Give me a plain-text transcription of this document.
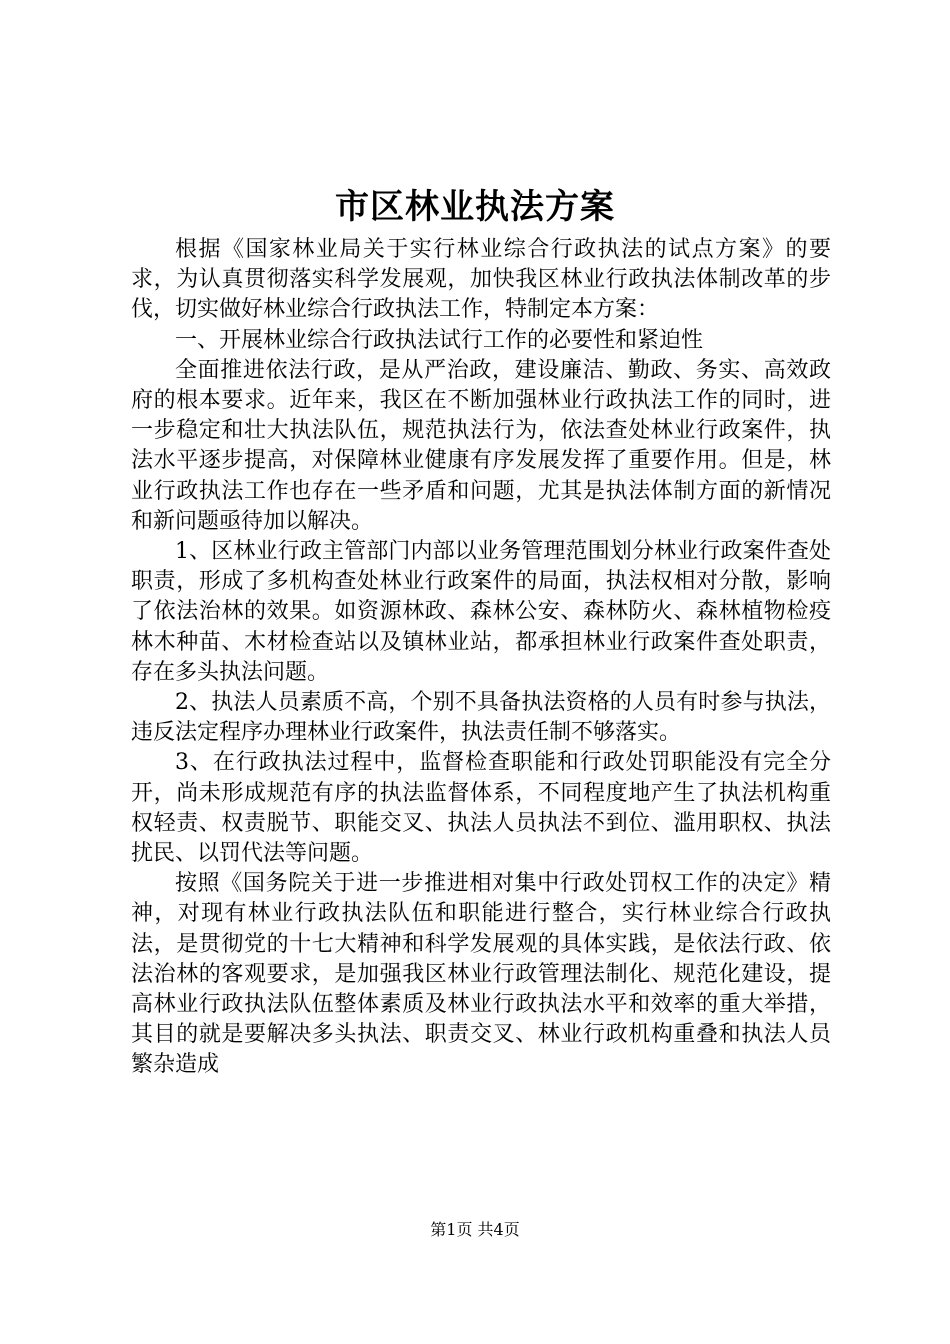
市区林业执法方案

根据《国家林业局关于实行林业综合行政执法的试点方案》的要求，为认真贯彻落实科学发展观，加快我区林业行政执法体制改革的步伐，切实做好林业综合行政执法工作，特制定本方案：

一、开展林业综合行政执法试行工作的必要性和紧迫性

全面推进依法行政，是从严治政，建设廉洁、勤政、务实、高效政府的根本要求。近年来，我区在不断加强林业行政执法工作的同时，进一步稳定和壮大执法队伍，规范执法行为，依法查处林业行政案件，执法水平逐步提高，对保障林业健康有序发展发挥了重要作用。但是，林业行政执法工作也存在一些矛盾和问题，尤其是执法体制方面的新情况和新问题亟待加以解决。

1、区林业行政主管部门内部以业务管理范围划分林业行政案件查处职责，形成了多机构查处林业行政案件的局面，执法权相对分散，影响了依法治林的效果。如资源林政、森林公安、森林防火、森林植物检疫林木种苗、木材检查站以及镇林业站，都承担林业行政案件查处职责，存在多头执法问题。

2、执法人员素质不高，个别不具备执法资格的人员有时参与执法，违反法定程序办理林业行政案件，执法责任制不够落实。

3、在行政执法过程中，监督检查职能和行政处罚职能没有完全分开，尚未形成规范有序的执法监督体系，不同程度地产生了执法机构重权轻责、权责脱节、职能交叉、执法人员执法不到位、滥用职权、执法扰民、以罚代法等问题。

按照《国务院关于进一步推进相对集中行政处罚权工作的决定》精神，对现有林业行政执法队伍和职能进行整合，实行林业综合行政执法，是贯彻党的十七大精神和科学发展观的具体实践，是依法行政、依法治林的客观要求，是加强我区林业行政管理法制化、规范化建设，提高林业行政执法队伍整体素质及林业行政执法水平和效率的重大举措，其目的就是要解决多头执法、职责交叉、林业行政机构重叠和执法人员繁杂造成

第1页 共4页
